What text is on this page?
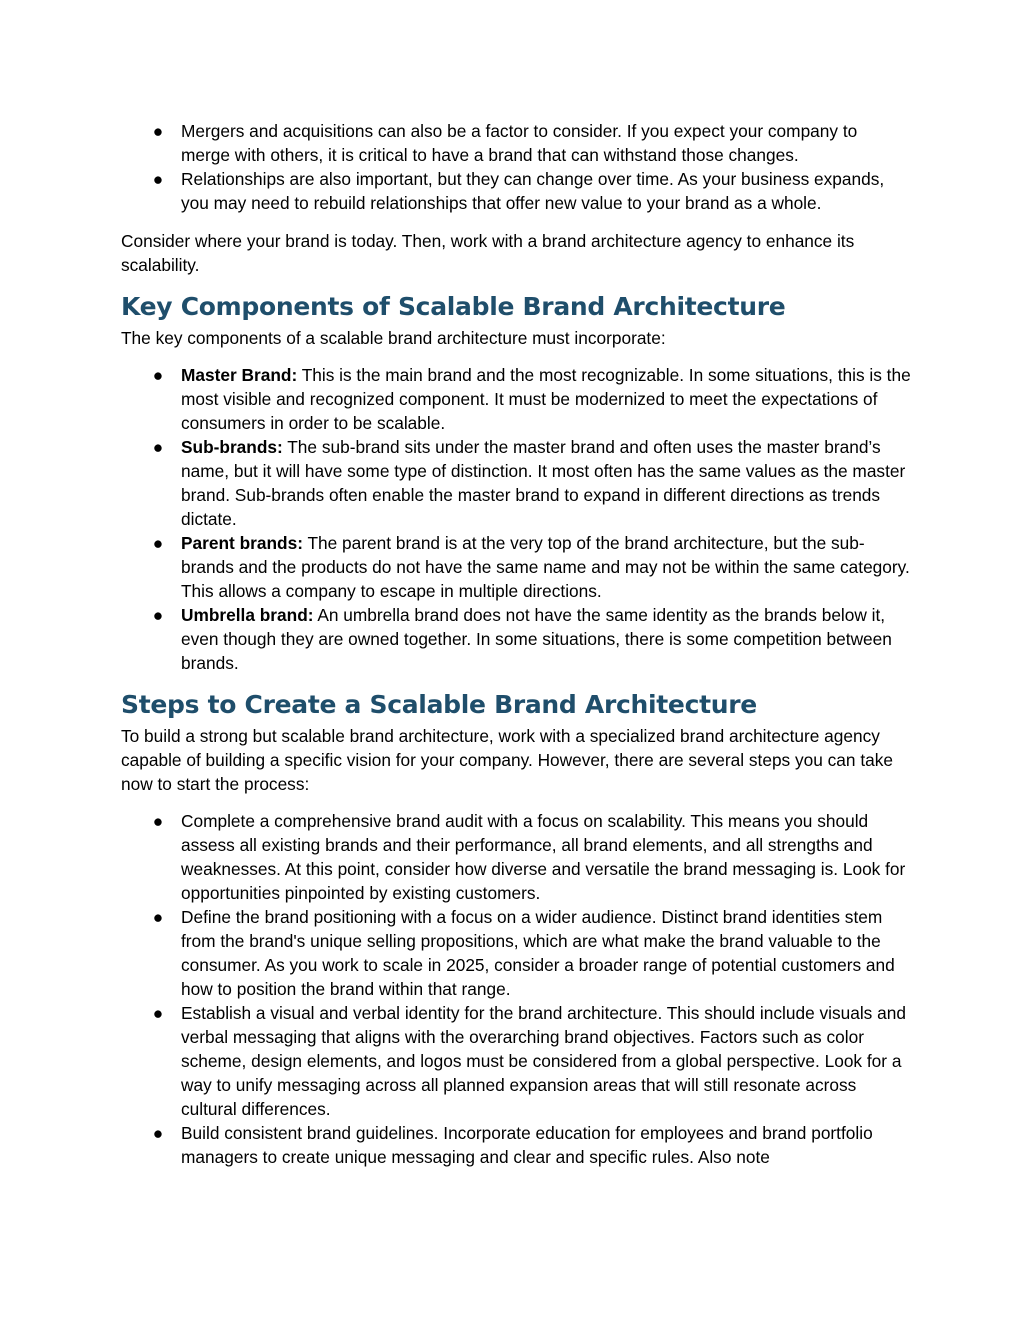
● Mergers and acquisitions can also be a factor to consider. If you expect your company to merge with others, it is critical to have a brand that can withstand those changes.
● Relationships are also important, but they can change over time. As your business expands, you may need to rebuild relationships that offer new value to your brand as a whole.

Consider where your brand is today. Then, work with a brand architecture agency to enhance its scalability.

Key Components of Scalable Brand Architecture

The key components of a scalable brand architecture must incorporate:

● Master Brand: This is the main brand and the most recognizable. In some situations, this is the most visible and recognized component. It must be modernized to meet the expectations of consumers in order to be scalable.
● Sub-brands: The sub-brand sits under the master brand and often uses the master brand’s name, but it will have some type of distinction. It most often has the same values as the master brand. Sub-brands often enable the master brand to expand in different directions as trends dictate.
● Parent brands: The parent brand is at the very top of the brand architecture, but the sub-brands and the products do not have the same name and may not be within the same category. This allows a company to escape in multiple directions.
● Umbrella brand: An umbrella brand does not have the same identity as the brands below it, even though they are owned together. In some situations, there is some competition between brands.
Steps to Create a Scalable Brand Architecture

To build a strong but scalable brand architecture, work with a specialized brand architecture agency capable of building a specific vision for your company. However, there are several steps you can take now to start the process:

● Complete a comprehensive brand audit with a focus on scalability. This means you should assess all existing brands and their performance, all brand elements, and all strengths and weaknesses. At this point, consider how diverse and versatile the brand messaging is. Look for opportunities pinpointed by existing customers.
● Define the brand positioning with a focus on a wider audience. Distinct brand identities stem from the brand's unique selling propositions, which are what make the brand valuable to the consumer. As you work to scale in 2025, consider a broader range of potential customers and how to position the brand within that range.
● Establish a visual and verbal identity for the brand architecture. This should include visuals and verbal messaging that aligns with the overarching brand objectives. Factors such as color scheme, design elements, and logos must be considered from a global perspective. Look for a way to unify messaging across all planned expansion areas that will still resonate across cultural differences.
● Build consistent brand guidelines. Incorporate education for employees and brand portfolio managers to create unique messaging and clear and specific rules. Also note
